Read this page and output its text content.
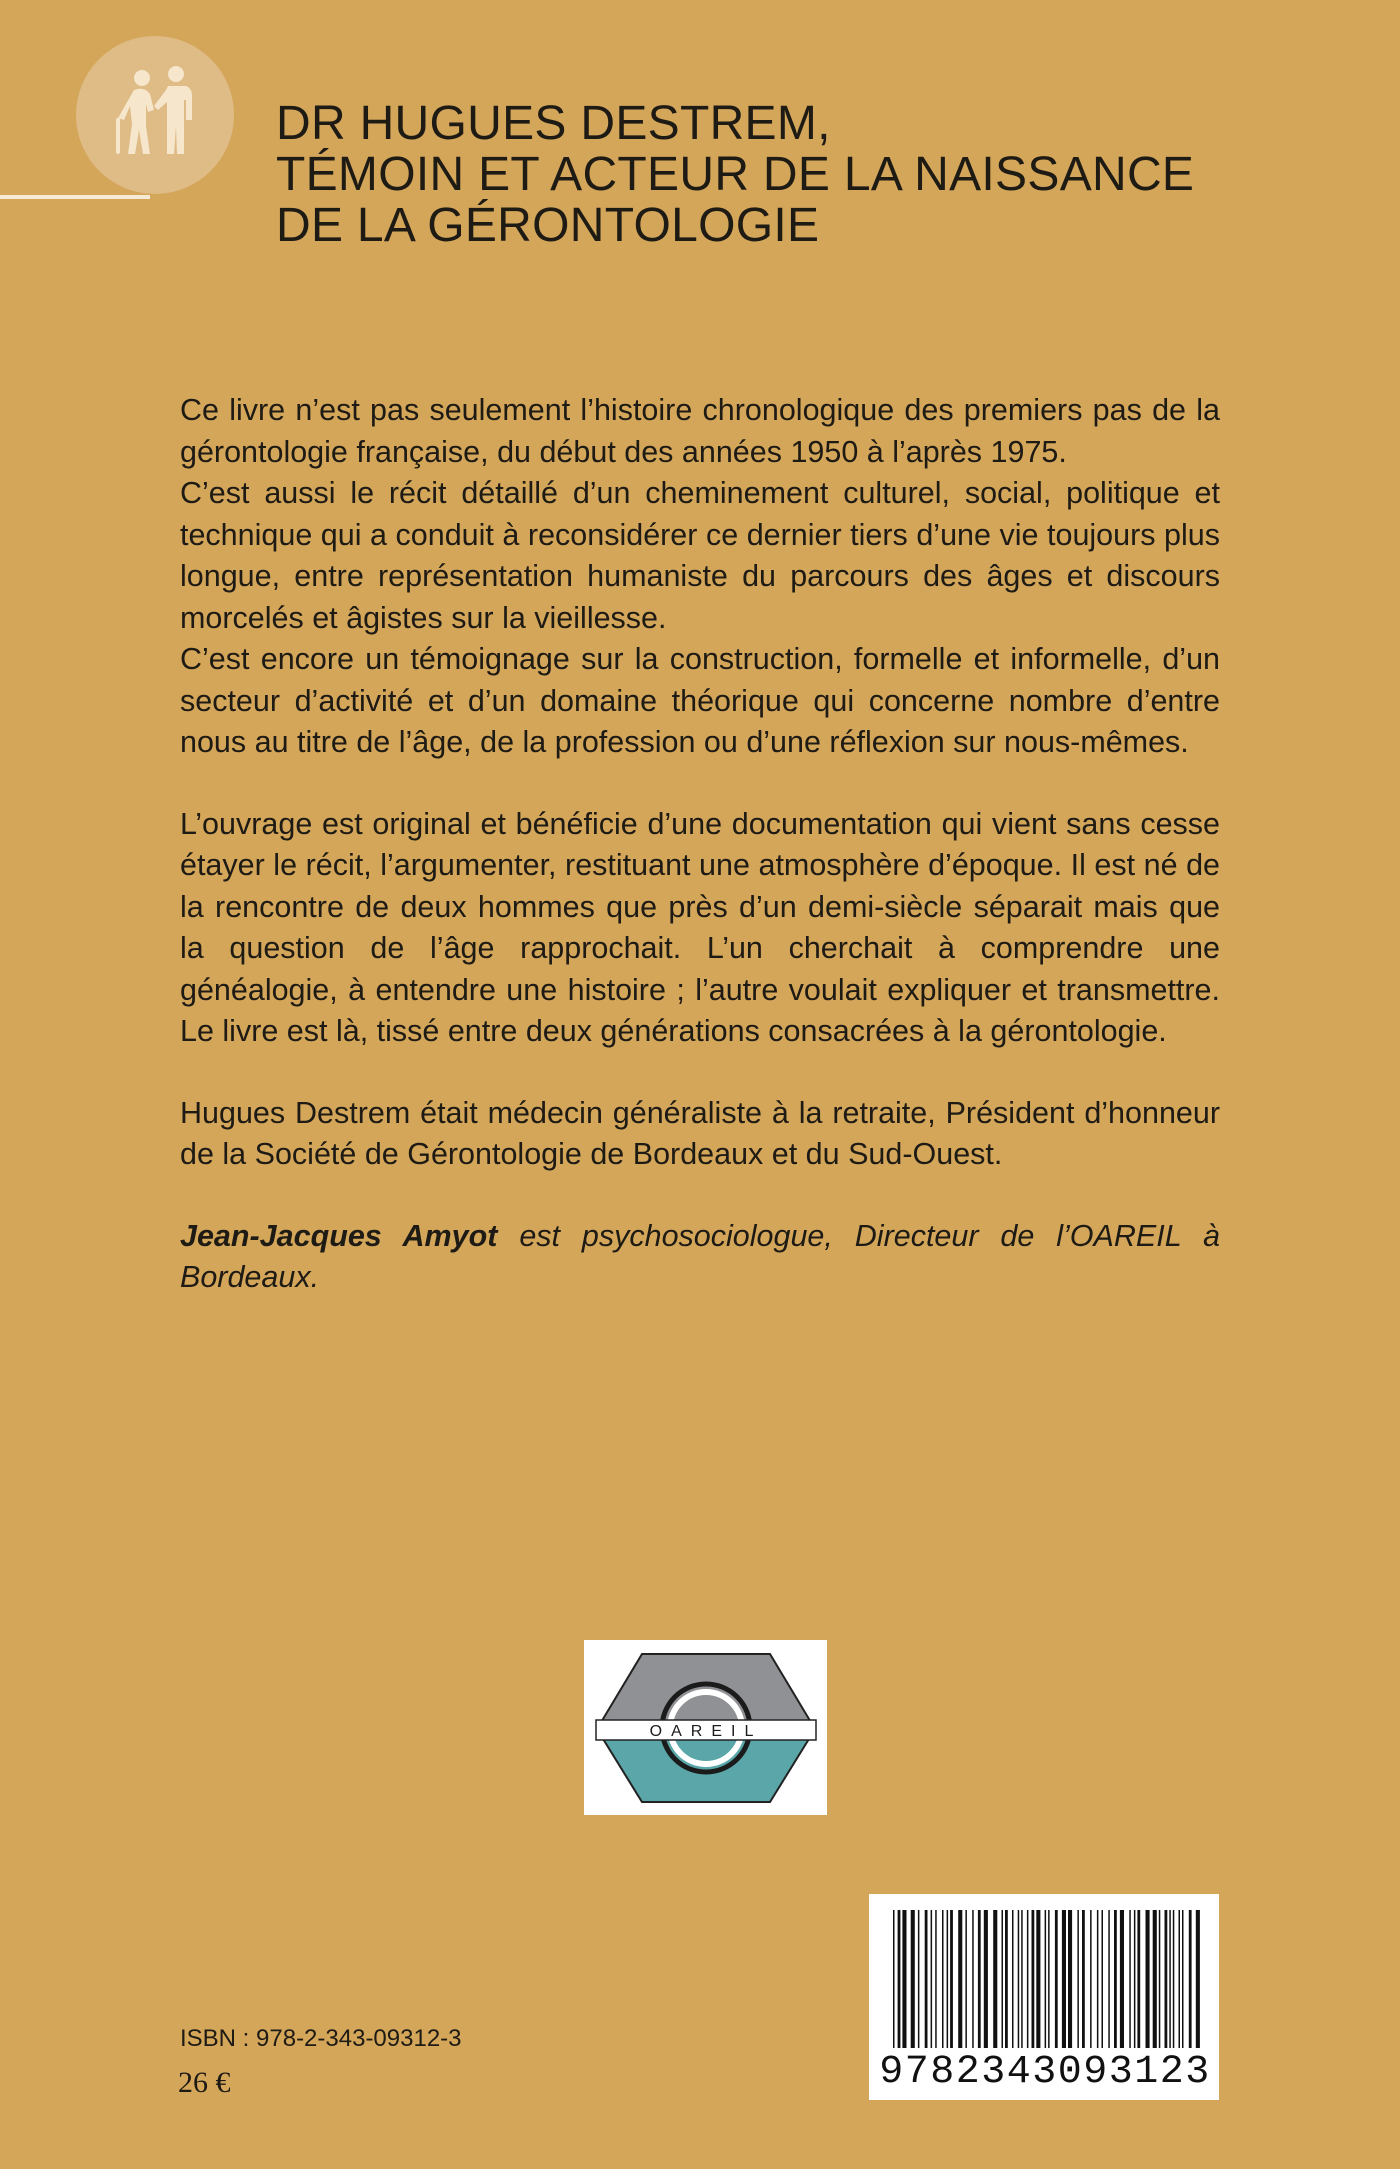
DR HUGUES DESTREM,
TÉMOIN ET ACTEUR DE LA NAISSANCE
DE LA GÉRONTOLOGIE

Ce livre n’est pas seulement l’histoire chronologique des premiers pas de la gérontologie française, du début des années 1950 à l’après 1975.

C’est aussi le récit détaillé d’un cheminement culturel, social, politique et technique qui a conduit à reconsidérer ce dernier tiers d’une vie toujours plus longue, entre représentation humaniste du parcours des âges et discours morcelés et âgistes sur la vieillesse.

C’est encore un témoignage sur la construction, formelle et informelle, d’un secteur d’activité et d’un domaine théorique qui concerne nombre d’entre nous au titre de l’âge, de la profession ou d’une réflexion sur nous-mêmes.

L’ouvrage est original et bénéficie d’une documentation qui vient sans cesse étayer le récit, l’argumenter, restituant une atmosphère d’époque. Il est né de la rencontre de deux hommes que près d’un demi-siècle séparait mais que la question de l’âge rapprochait. L’un cherchait à comprendre une généalogie, à entendre une histoire ; l’autre voulait expliquer et transmettre. Le livre est là, tissé entre deux générations consacrées à la gérontologie.

Hugues Destrem était médecin généraliste à la retraite, Président d’honneur de la Société de Gérontologie de Bordeaux et du Sud-Ouest.

Jean-Jacques Amyot est psychosociologue, Directeur de l’OAREIL à Bordeaux.

OAREIL
9782343093123
ISBN : 978-2-343-09312-3
26 €
